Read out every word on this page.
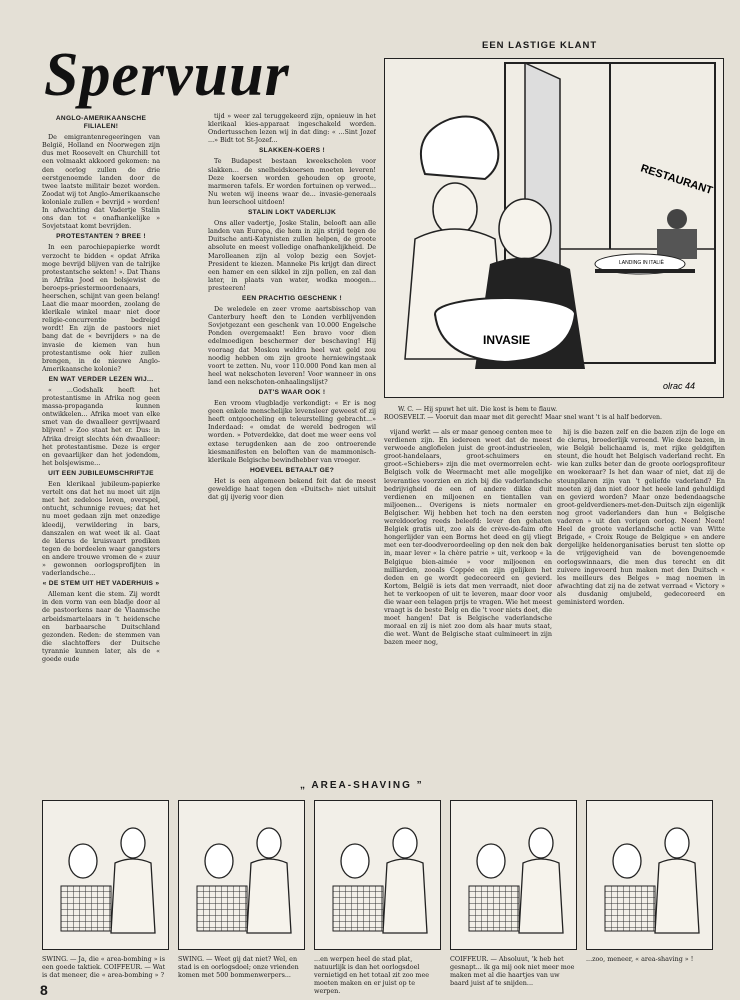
Spervuur
ANGLO-AMERIKAANSCHE FILIALEN!

De emigrantenregeeringen van België, Holland en Noorwegen zijn dus met Roosevelt en Churchill tot een volmaakt akkoord gekomen: na den oorlog zullen de drie eerstgenoemde landen door de twee laatste militair bezet worden. Zoodat wij tot Anglo-Amerikaansche koloniale zullen « bevrijd » worden! In afwachting dat Vadertje Stalin ons dan tot « onafhankelijke » Sovjetstaat komt bevrijden.

PROTESTANTEN ? BREE !

In een parochiepapierke wordt verzocht te bidden « opdat Afrika moge bevrijd blijven van de talrijke protestantsche sekten! ». Dat Thans in Afrika Jood en bolsjewist de beroeps-priestermoordenaars, heerschen, schijnt van geen belang! Laat die maar moorden, zoolang de klerikale winkel maar niet door religie-concurrentie bedreigd wordt! En zijn de pastoors niet bang dat de « bevrijders » na de invasie de kiemen van hun protestantisme ook hier zullen brengen, in de nieuwe Anglo-Amerikaansche kolonie?

EN WAT VERDER LEZEN WIJ...

« ...Godshalk heeft het protestantisme in Afrika nog geen massa-propaganda kunnen ontwikkelen... Afrika moet van elke smet van de dwaalleer gevrijwaard blijven! » Zoo staat het er. Dus: in Afrika dreigt slechts één dwaalleer: het protestantisme. Deze is erger en gevaarlijker dan het jodendom, het bolsjewisme...

UIT EEN JUBILEUMSCHRIFTJE

Een klerikaal jubileum-papierke vertelt ons dat het nu moet uit zijn met het zedeloos leven, overspel, ontucht, schunnige revues; dat het nu moet gedaan zijn met onzedige kleedij, verwildering in bars, danszalen en wat weet ik al. Gaat de klerus de kruisvaart prediken tegen de bordeelen waar gangsters en andere trouwe vromen de « zuur » gewonnen oorlogsprofijten in vaderlandsche...

« DE STEM UIT HET VADERHUIS »

Alleman kent die stem. Zij wordt in den vorm van een bladje door al de pastoorkens naar de Vlaamsche arbeidsmartelaars in 't heidensche en barbaarsche Duitschland gezonden. Reden: de stemmen van die slachtoffers der Duitsche tyrannie kunnen later, als de « goede oude

tijd » weer zal teruggekeerd zijn, opnieuw in het klerikaal kies-apparaat ingeschakeld worden. Ondertusschen lezen wij in dat ding: « ...Sint Jozef ...» Bidt tot St-Jozef...

SLAKKEN-KOERS !

Te Budapest bestaan kweekscholen voor slakken... de snelheidskoersen moeten leveren! Deze koersen worden gehouden op groote, marmeren tafels. Er worden fortuinen op verwed... Nu weten wij ineens waar de... invasie-generaals hun leerschool uitdoen!

STALIN LOKT VADERLIJK

Ons aller vadertje, Joske Stalin, belooft aan alle landen van Europa, die hem in zijn strijd tegen de Duitsche anti-Katynisten zullen helpen, de groote absolute en meest volledige onafhankelijkheid. De Marolleanen zijn al volop bezig een Sovjet-President te kiezen. Manneke Pis krijgt dan direct een hamer en een sikkel in zijn pollen, en zal dan later, in plaats van water, wodka moogen... presteeren!

EEN PRACHTIG GESCHENK !

De weledele en zeer vrome aartsbisschop van Canterbury heeft den te Londen verblijvenden Sovjetgezant een geschenk van 10.000 Engelsche Ponden overgemaakt! Een bravo voor dien edelmoedigen beschermer der beschaving! Hij vooraag dat Moskou weldra heel wat geld zou noodig hebben om zijn groote herniewingstaak voort te zetten. Nu, voor 110.000 Pond kan men al heel wat nekschoten leveren! Voor wanneer in ons land een nekschoten-onhaalingslijst?

DAT'S WAAR OOK !

Een vroom vlugbladje verkondigt: « Er is nog geen enkele menschelijke levensleer geweest of zij heeft ontgoocheling en teleurstelling gebracht...» Inderdaad: « omdat de wereld bedrogen wil worden. » Potverdekke, dat doet me weer eens vol extase terugdenken aan de zoo ontroerende kiesmanifesten en beloften van de mammonisch-klerikale Belgische bewindhebber van vroeger.

HOEVEEL BETAALT GE?

Het is een algemeen bekend feit dat de meest geweldige haat tegen den «Duitsch» niet uitsluit dat gij ijverig voor dien

EEN LASTIGE KLANT
RESTAURANT
LANDING IN ITALIË
INVASIE
olrac 44
W. C. — Hij spuwt het uit. Die kost is hem te flauw.
ROOSEVELT. — Vooruit dan maar met dit gerecht! Maar snel want 't is al half bedorven.

vijand werkt — als er maar genoeg centen mee te verdienen zijn. En iedereen weet dat de meest verwoede anglofielen juist de groot-industrieelen, groot-handelaars, groot-schuimers en groot-«Schiebers» zijn die met overmorrelen echt-Belgisch volk de Weermacht met alle mogelijke leveranties voorzien en zich bij die vaderlandsche bedrijvigheid de een of andere dikke duit verdienen en miljoenen en tientallen van miljoenen... Overigens is niets normaler en Belgischer. Wij hebben het toch na den eersten wereldoorlog reeds beleefd: lever den gehaten Belgiek gratis uit, zoo als de crève-de-faim ofte hongerlijder van een Borms het deed en gij vliegt met een ter-doodveroordeeling op den nek den bak in, maar lever « la chère patrie » uit, verkoop « la Belgique bien-aimée » voor miljoenen en milliarden, zooals Coppée en zijn gelijken het deden en ge wordt gedecoreerd en gevierd. Kortom, België is iets dat men verraadt, niet door het te verkoopen of uit te leveren, maar door voor die waar een telagen prijs te vragen. Wie het meest vraagt is de beste Belg en die 't voor niets doet, die moet hangen! Dat is Belgische vaderlandsche moraal en zij is niet zoo dom als haar muts staat, die wet. Want de Belgische staat culmineert in zijn bazen meer nog,

hij is die bazen zelf en die bazen zijn de loge en de clerus, broederlijk vereend. Wie deze bazen, in wie België belichaamd is, met rijke geldgiften steunt, die houdt het Belgisch vaderland recht. En wie kan zulks beter dan de groote oorlogsprofiteur en woekeraar? Is het dan waar of niet, dat zij de steunpilaren zijn van 't geliefde vaderland? En moeten zij dan niet door het heele land gehuldigd en gevierd worden? Maar onze bedendaagsche groot-geldverdieners-met-den-Duitsch zijn eigenlijk nog groot vaderlanders dan hun « Belgische vaderen » uit den vorigen oorlog. Neen! Neen! Heel de groote vaderlandsche actie van Witte Brigade, « Croix Rouge de Belgique » en andere dergelijke heldenorganisaties berust ten slotte op de vrijgevigheid van de bovengenoemde oorlogswinnaars, die men dus terecht en dit zuivere ingevoerd hun maken met den Duitsch « les meilleurs des Belges » mag noemen in afwachting dat zij na de zetwat verraad « Victory » als dusdanig omjubeld, gedecoreerd en geministerd worden.

„ AREA-SHAVING ”
SWING. — Ja, die « area-bombing » is een goede taktiek. COIFFEUR. — Wat is dat meneer, die « area-bombing » ?
SWING. — Weet gij dat niet? Wel, en stad is en oorlogsdoel; onze vrienden komen met 500 bommenwerpers...
...en werpen heel de stad plat, natuurlijk is dan het oorlogsdoel vernietigd en het totaal zit zoo mee moeten maken en er juist op te werpen.
COIFFEUR. — Absoluut, 'k heb het gesnapt... ik ga mij ook niet meer moe maken met al die haartjes van uw baard juist af te snijden...
...zoo, meneer, « area-shaving » !
8
